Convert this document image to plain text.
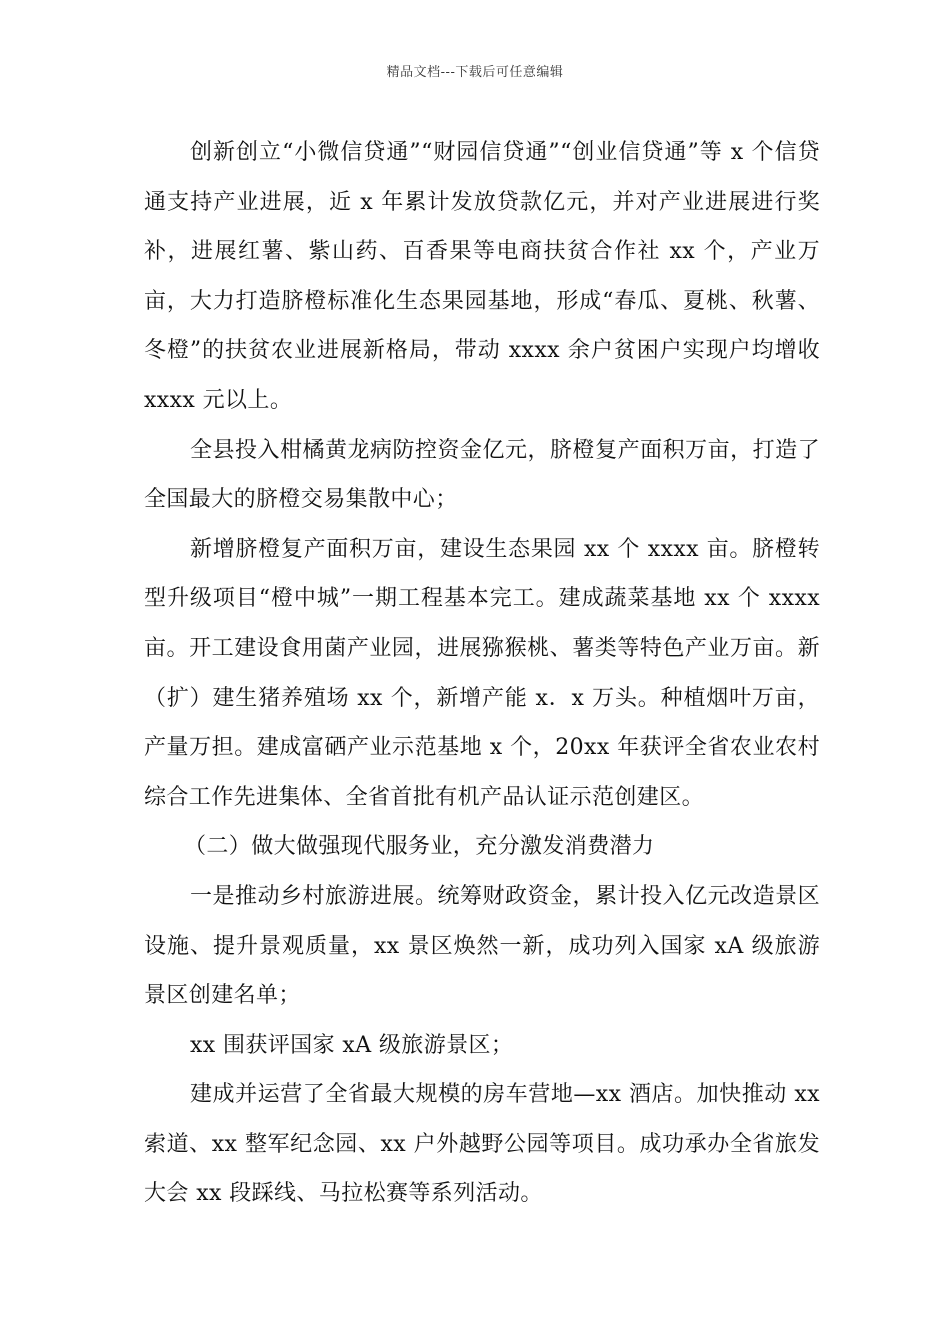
精品文档---下载后可任意编辑

创新创立“小微信贷通”“财园信贷通”“创业信贷通”等 x 个信贷通支持产业进展，近 x 年累计发放贷款亿元，并对产业进展进行奖补，进展红薯、紫山药、百香果等电商扶贫合作社 xx 个，产业万亩，大力打造脐橙标准化生态果园基地，形成“春瓜、夏桃、秋薯、冬橙”的扶贫农业进展新格局，带动 xxxx 余户贫困户实现户均增收 xxxx 元以上。

全县投入柑橘黄龙病防控资金亿元，脐橙复产面积万亩，打造了全国最大的脐橙交易集散中心；

新增脐橙复产面积万亩，建设生态果园 xx 个 xxxx 亩。脐橙转型升级项目“橙中城”一期工程基本完工。建成蔬菜基地 xx 个 xxxx 亩。开工建设食用菌产业园，进展猕猴桃、薯类等特色产业万亩。新（扩）建生猪养殖场 xx 个，新增产能 x．x 万头。种植烟叶万亩，产量万担。建成富硒产业示范基地 x 个，20xx 年获评全省农业农村综合工作先进集体、全省首批有机产品认证示范创建区。

（二）做大做强现代服务业，充分激发消费潜力

一是推动乡村旅游进展。统筹财政资金，累计投入亿元改造景区设施、提升景观质量，xx 景区焕然一新，成功列入国家 xA 级旅游景区创建名单；

xx 围获评国家 xA 级旅游景区；

建成并运营了全省最大规模的房车营地—xx 酒店。加快推动 xx 索道、xx 整军纪念园、xx 户外越野公园等项目。成功承办全省旅发大会 xx 段踩线、马拉松赛等系列活动。
